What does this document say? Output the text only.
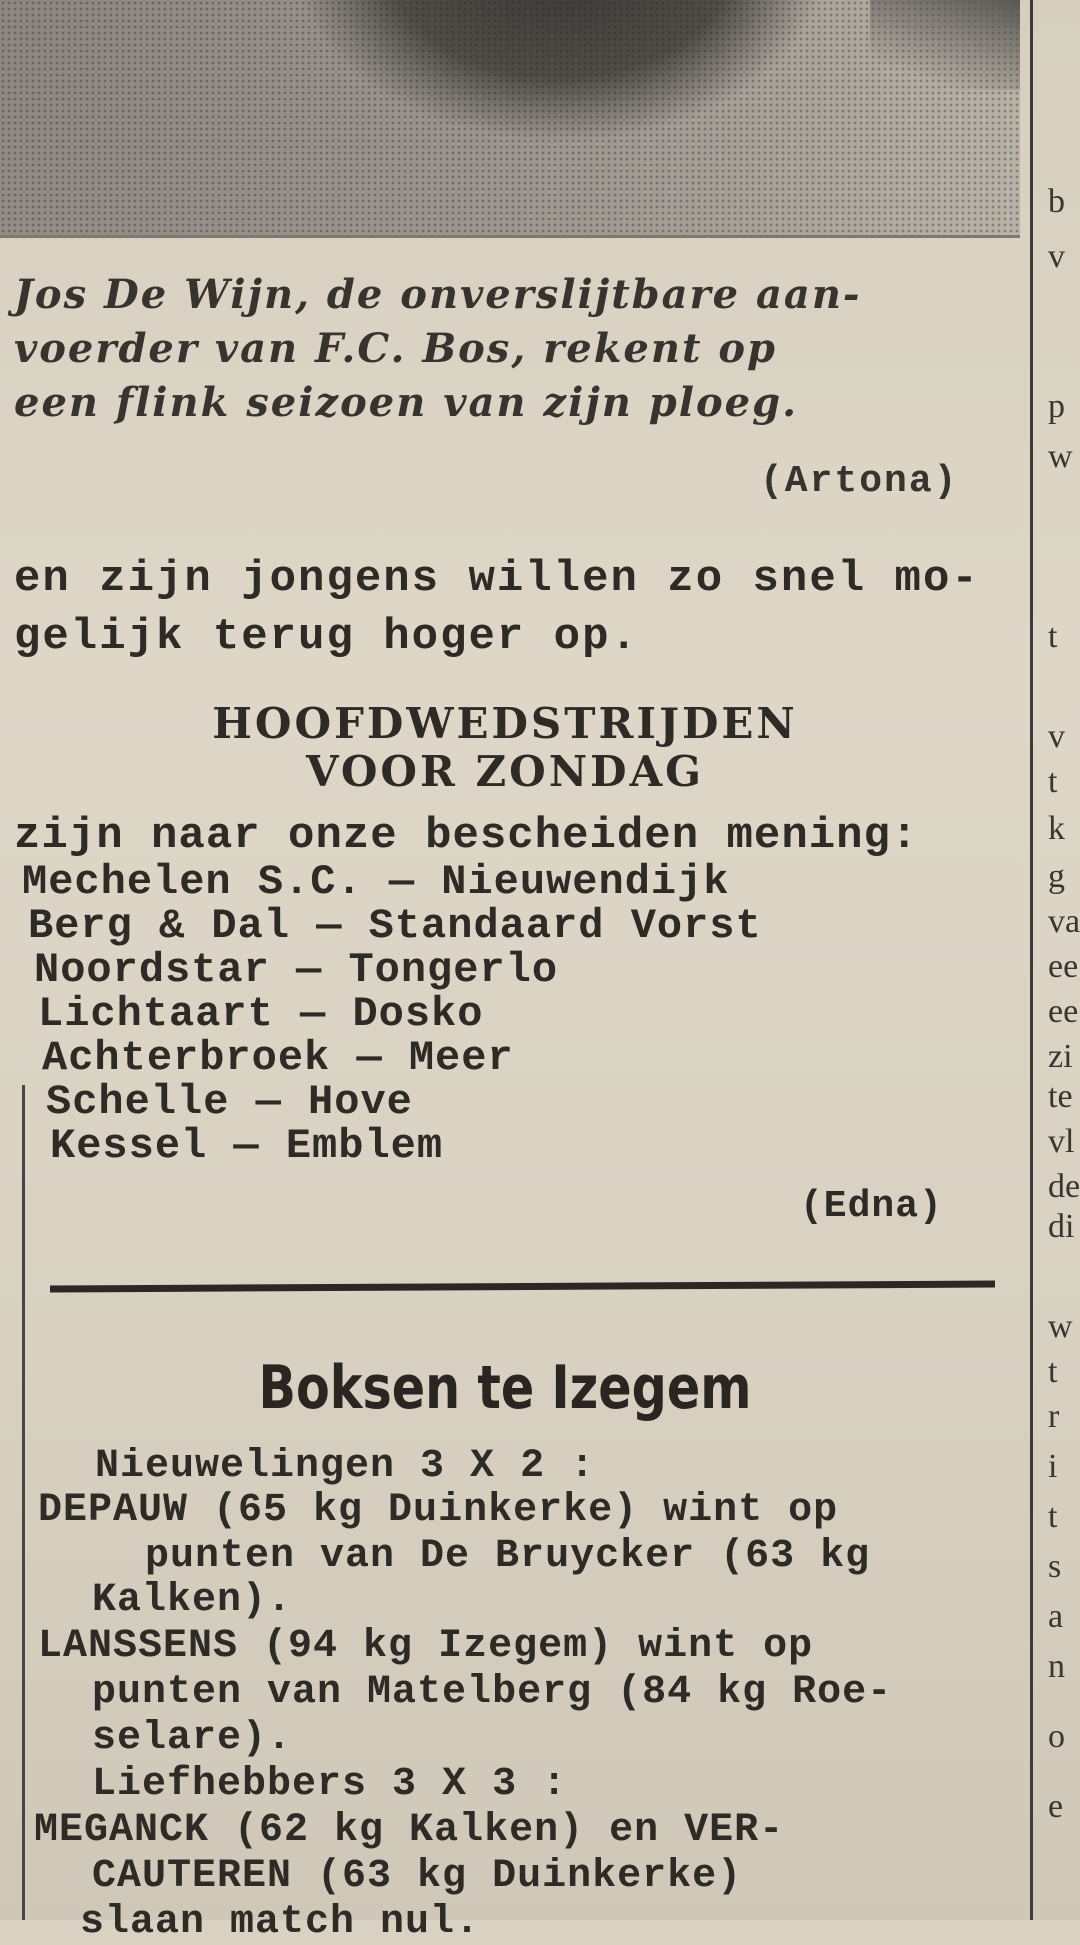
b
v
p
w
t
v
t
k
g
va
ee
ee
zi
te
vl
de
di
w
t
r
i
t
s
a
n
o
e
Jos De Wijn, de onverslijtbare aan-
voerder van F.C. Bos, rekent op
een flink seizoen van zijn ploeg.
(Artona)
en zijn jongens willen zo snel mo-
gelijk terug hoger op.
HOOFDWEDSTRIJDEN
VOOR ZONDAG
zijn naar onze bescheiden mening:
Mechelen S.C. — Nieuwendijk
Berg & Dal — Standaard Vorst
Noordstar — Tongerlo
Lichtaart — Dosko
Achterbroek — Meer
Schelle — Hove
Kessel — Emblem
(Edna)
Boksen te Izegem
Nieuwelingen 3 X 2 :
DEPAUW (65 kg Duinkerke) wint op
punten van De Bruycker (63 kg
Kalken).
LANSSENS (94 kg Izegem) wint op
punten van Matelberg (84 kg Roe-
selare).
Liefhebbers 3 X 3 :
MEGANCK (62 kg Kalken) en VER-
CAUTEREN (63 kg Duinkerke)
slaan match nul.
